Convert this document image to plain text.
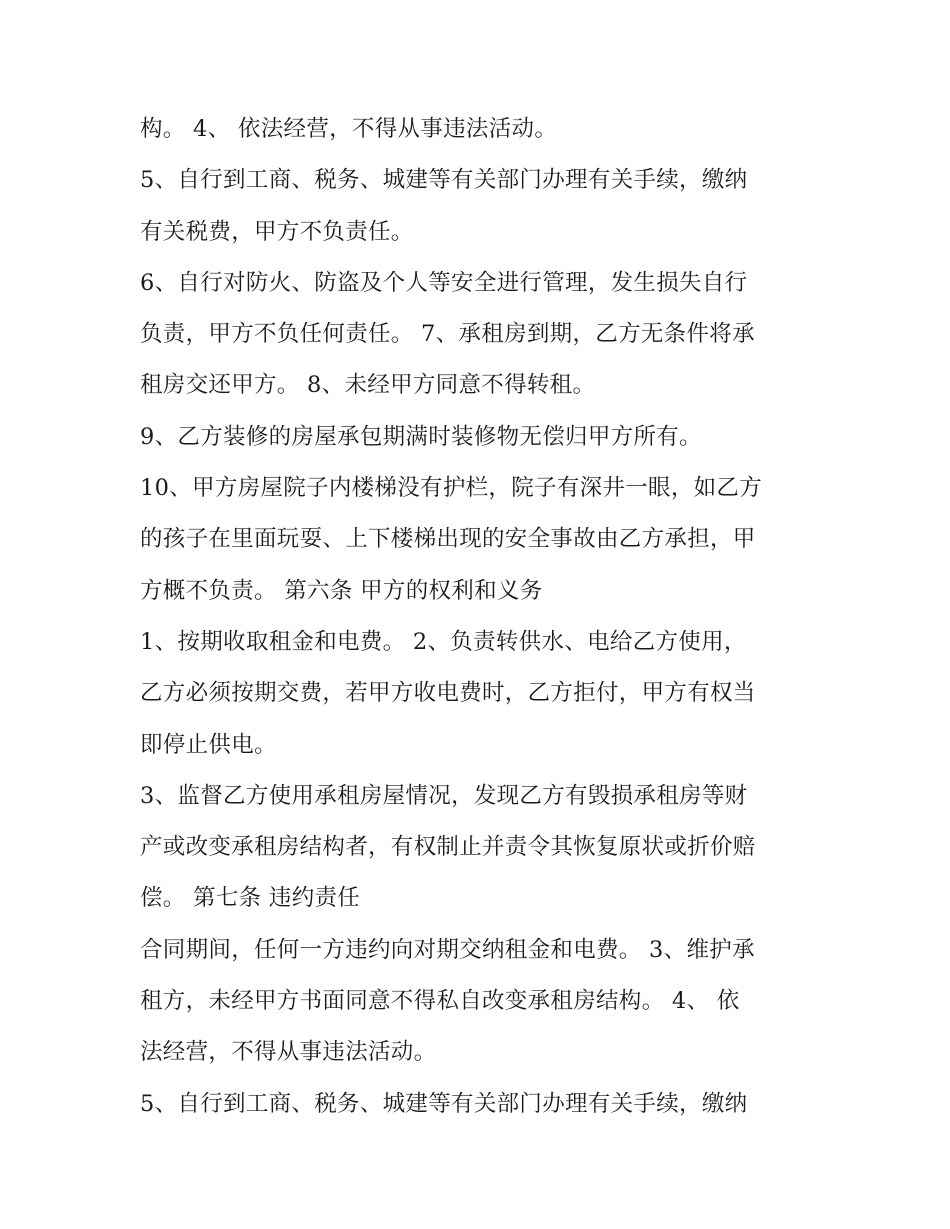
构。 4、 依法经营，不得从事违法活动。
5、自行到工商、税务、城建等有关部门办理有关手续，缴纳
有关税费，甲方不负责任。
6、自行对防火、防盗及个人等安全进行管理，发生损失自行
负责，甲方不负任何责任。 7、承租房到期，乙方无条件将承
租房交还甲方。 8、未经甲方同意不得转租。
9、乙方装修的房屋承包期满时装修物无偿归甲方所有。
10、甲方房屋院子内楼梯没有护栏，院子有深井一眼，如乙方
的孩子在里面玩耍、上下楼梯出现的安全事故由乙方承担，甲
方概不负责。 第六条 甲方的权利和义务
1、按期收取租金和电费。 2、负责转供水、电给乙方使用，
乙方必须按期交费，若甲方收电费时，乙方拒付，甲方有权当
即停止供电。
3、监督乙方使用承租房屋情况，发现乙方有毁损承租房等财
产或改变承租房结构者，有权制止并责令其恢复原状或折价赔
偿。 第七条 违约责任
合同期间，任何一方违约向对期交纳租金和电费。 3、维护承
租方，未经甲方书面同意不得私自改变承租房结构。 4、 依
法经营，不得从事违法活动。
5、自行到工商、税务、城建等有关部门办理有关手续，缴纳
